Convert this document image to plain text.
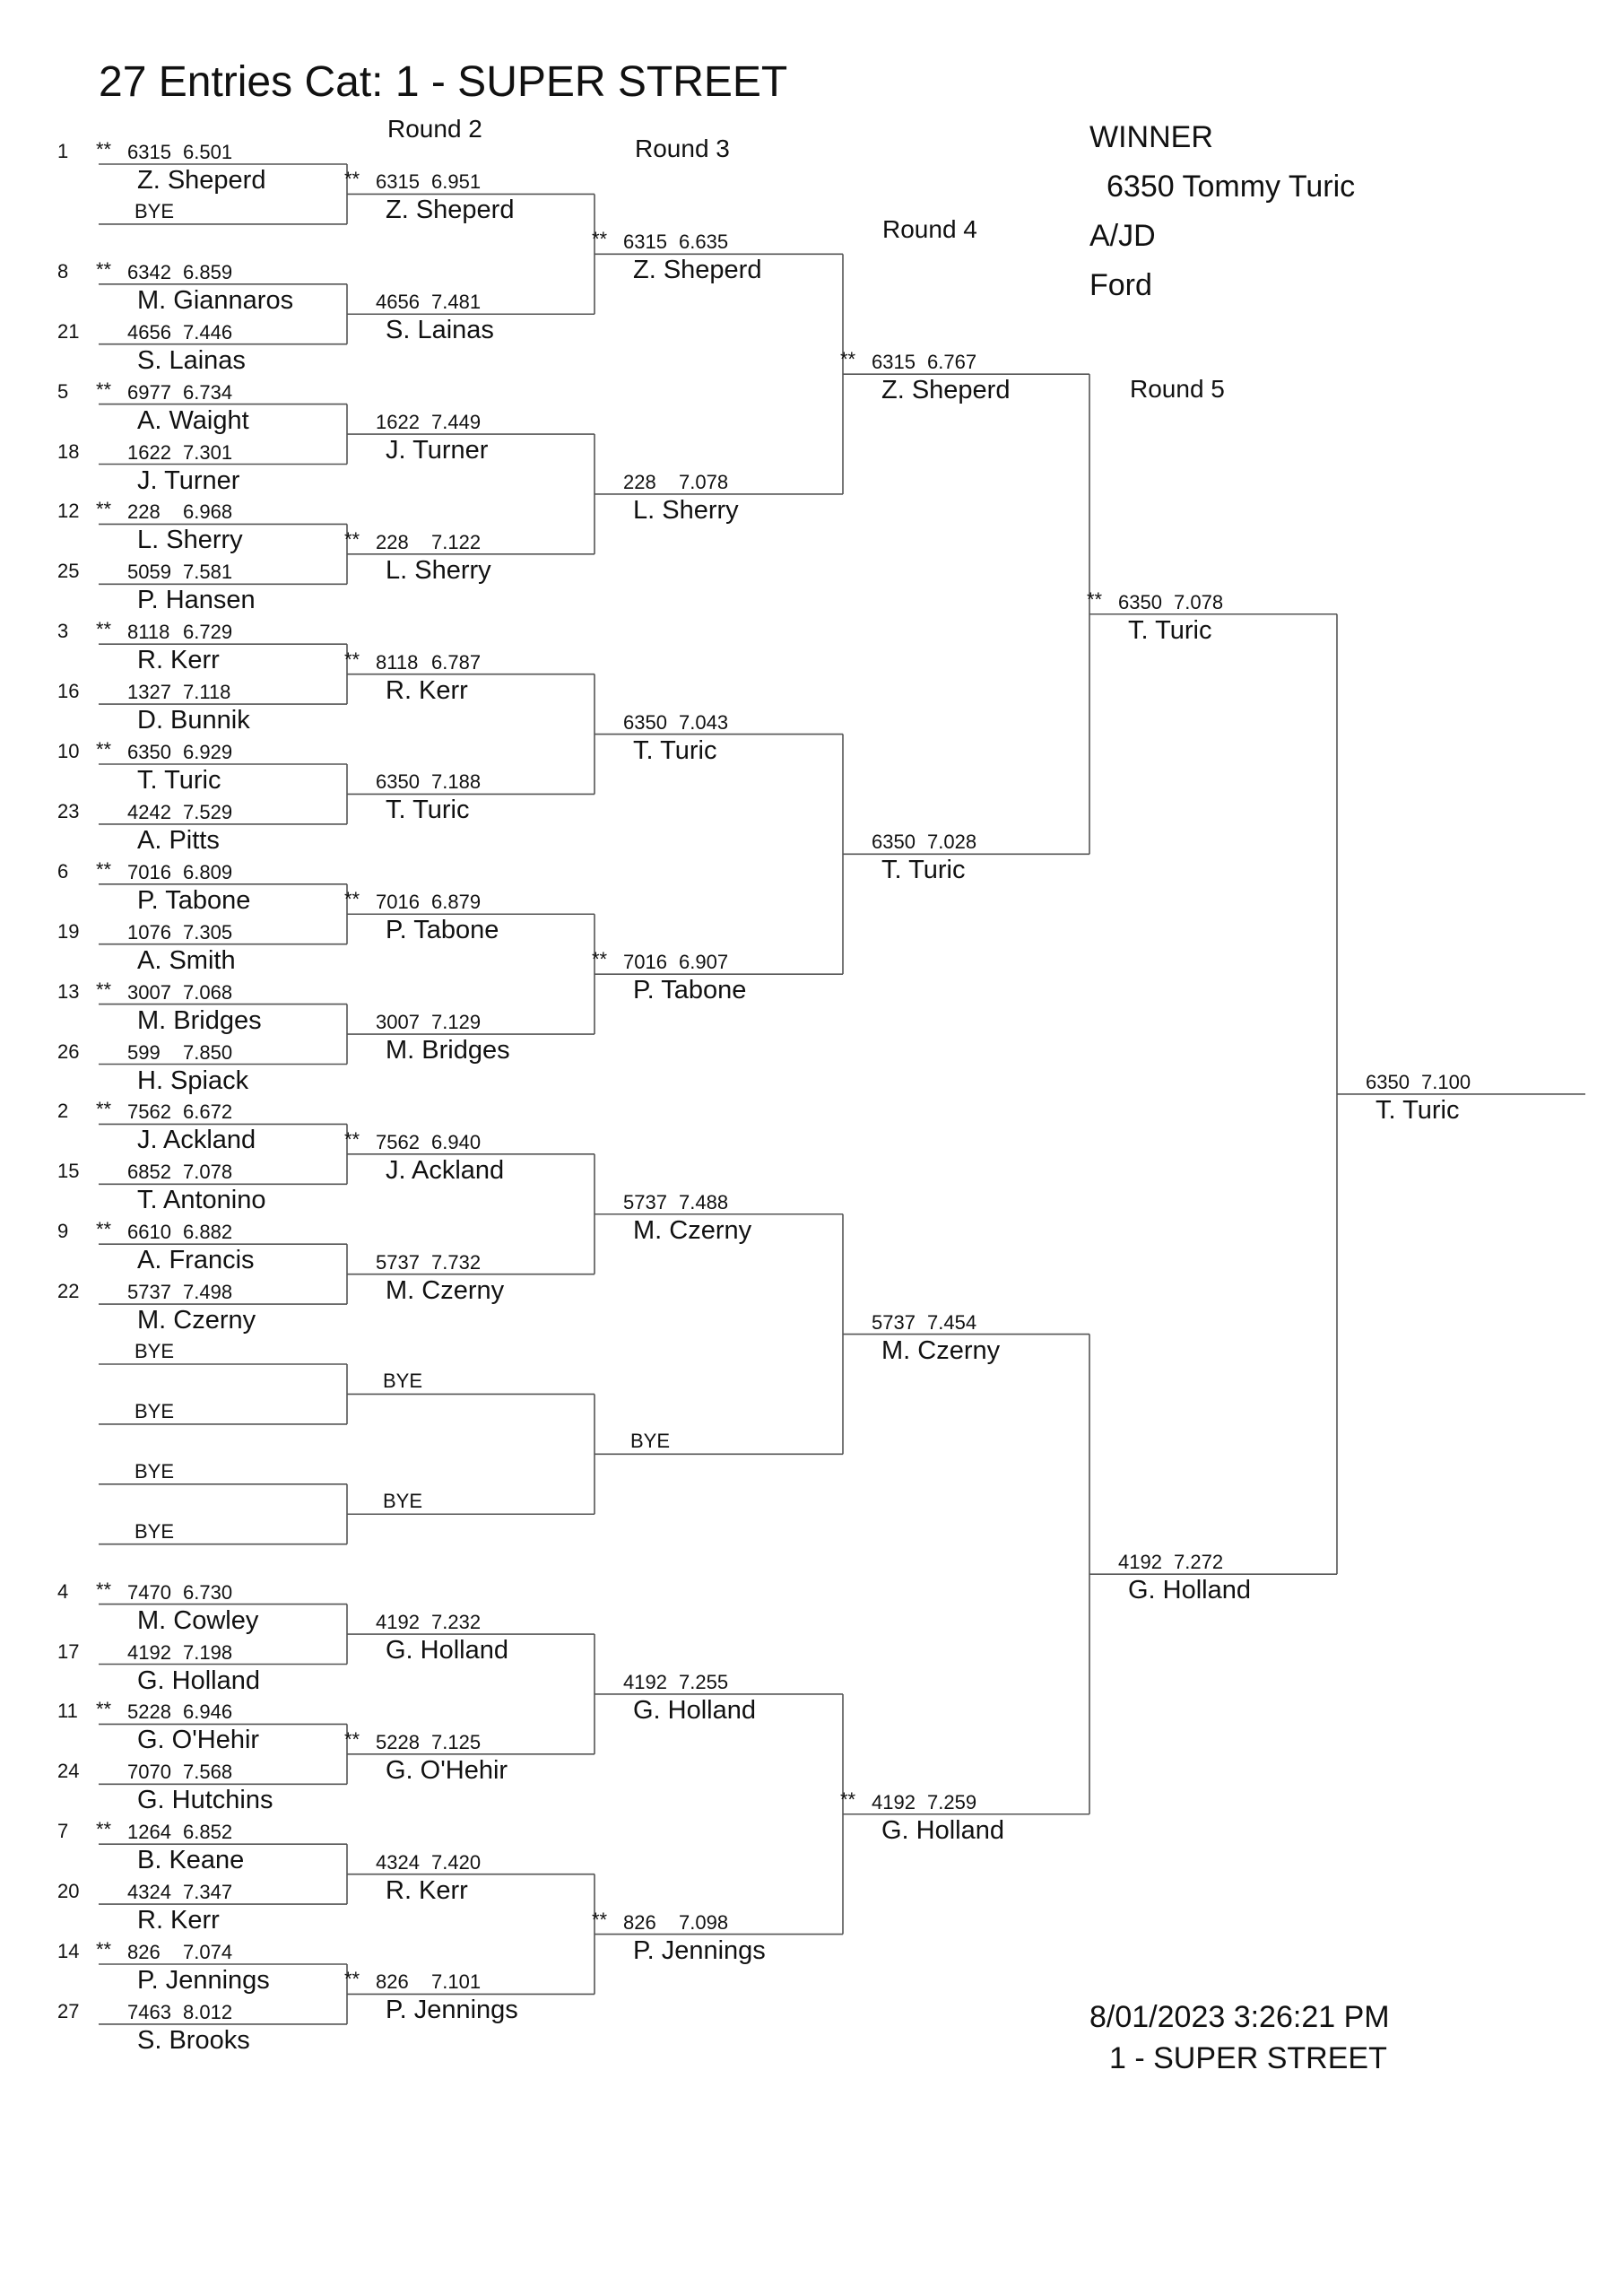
27 Entries Cat: 1 - SUPER STREET
Round 2
Round 3
Round 4
Round 5
WINNER
6350 Tommy Turic
A/JD
Ford
8/01/2023 3:26:21 PM
1 - SUPER STREET
1 ** 6315 6.501
Z. Sheperd
BYE
8 ** 6342 6.859
M. Giannaros
21 4656 7.446
S. Lainas
5 ** 6977 6.734
A. Waight
18 1622 7.301
J. Turner
12 ** 228 6.968
L. Sherry
25 5059 7.581
P. Hansen
3 ** 8118 6.729
R. Kerr
16 1327 7.118
D. Bunnik
10 ** 6350 6.929
T. Turic
23 4242 7.529
A. Pitts
6 ** 7016 6.809
P. Tabone
19 1076 7.305
A. Smith
13 ** 3007 7.068
M. Bridges
26 599 7.850
H. Spiack
2 ** 7562 6.672
J. Ackland
15 6852 7.078
T. Antonino
9 ** 6610 6.882
A. Francis
22 5737 7.498
M. Czerny
BYE
BYE
BYE
BYE
4 ** 7470 6.730
M. Cowley
17 4192 7.198
G. Holland
11 ** 5228 6.946
G. O'Hehir
24 7070 7.568
G. Hutchins
7 ** 1264 6.852
B. Keane
20 4324 7.347
R. Kerr
14 ** 826 7.074
P. Jennings
27 7463 8.012
S. Brooks
** 6315 6.951
Z. Sheperd
4656 7.481
S. Lainas
1622 7.449
J. Turner
** 228 7.122
L. Sherry
** 8118 6.787
R. Kerr
6350 7.188
T. Turic
** 7016 6.879
P. Tabone
3007 7.129
M. Bridges
** 7562 6.940
J. Ackland
5737 7.732
M. Czerny
BYE
BYE
4192 7.232
G. Holland
** 5228 7.125
G. O'Hehir
4324 7.420
R. Kerr
** 826 7.101
P. Jennings
** 6315 6.635
Z. Sheperd
228 7.078
L. Sherry
6350 7.043
T. Turic
** 7016 6.907
P. Tabone
5737 7.488
M. Czerny
BYE
4192 7.255
G. Holland
** 826 7.098
P. Jennings
** 6315 6.767
Z. Sheperd
6350 7.028
T. Turic
5737 7.454
M. Czerny
** 4192 7.259
G. Holland
** 6350 7.078
T. Turic
4192 7.272
G. Holland
6350 7.100
T. Turic
